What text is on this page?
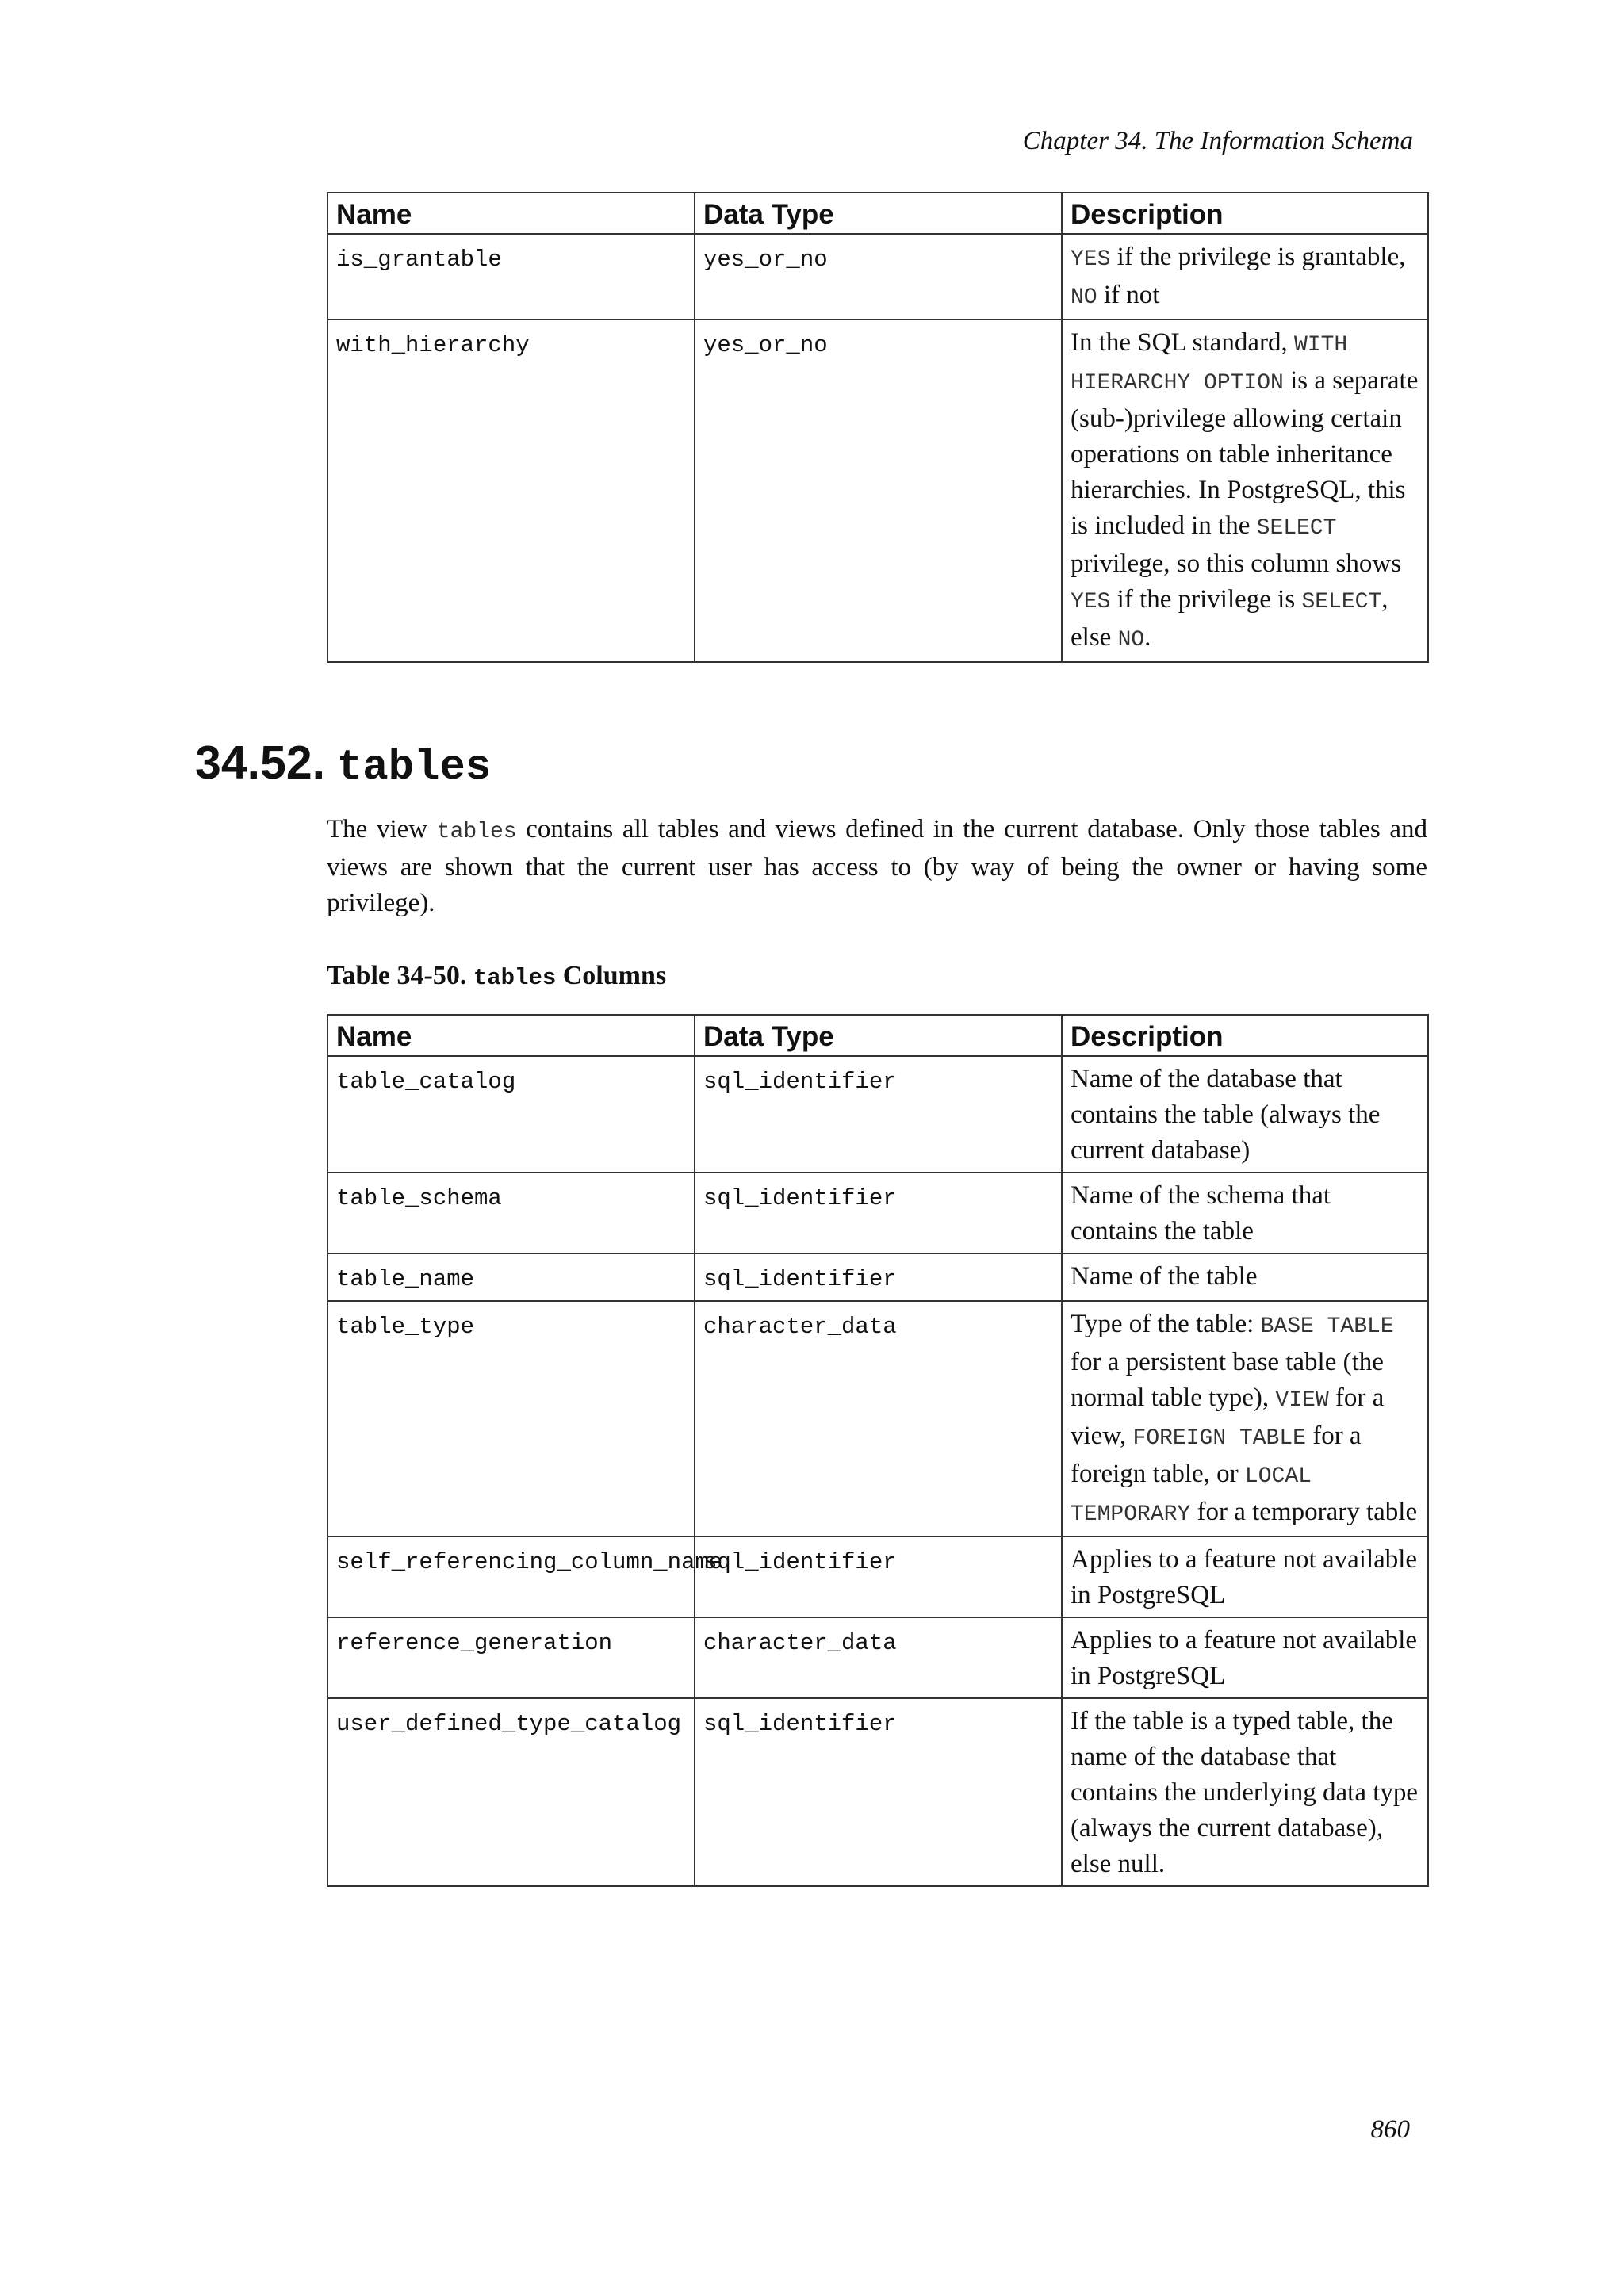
Chapter 34. The Information Schema
Name	Data Type	Description
is_grantable	yes_or_no	YES if the privilege is grantable, NO if not
with_hierarchy	yes_or_no	In the SQL standard, WITH HIERARCHY OPTION is a separate (sub-)privilege allowing certain operations on table inheritance hierarchies. In PostgreSQL, this is included in the SELECT privilege, so this column shows YES if the privilege is SELECT, else NO.
34.52. tables
The view tables contains all tables and views defined in the current database. Only those tables and views are shown that the current user has access to (by way of being the owner or having some privilege).
Table 34-50. tables Columns
Name	Data Type	Description
table_catalog	sql_identifier	Name of the database that contains the table (always the current database)
table_schema	sql_identifier	Name of the schema that contains the table
table_name	sql_identifier	Name of the table
table_type	character_data	Type of the table: BASE TABLE for a persistent base table (the normal table type), VIEW for a view, FOREIGN TABLE for a foreign table, or LOCAL TEMPORARY for a temporary table
self_referencing_column_name	sql_identifier	Applies to a feature not available in PostgreSQL
reference_generation	character_data	Applies to a feature not available in PostgreSQL
user_defined_type_catalog	sql_identifier	If the table is a typed table, the name of the database that contains the underlying data type (always the current database), else null.
860
